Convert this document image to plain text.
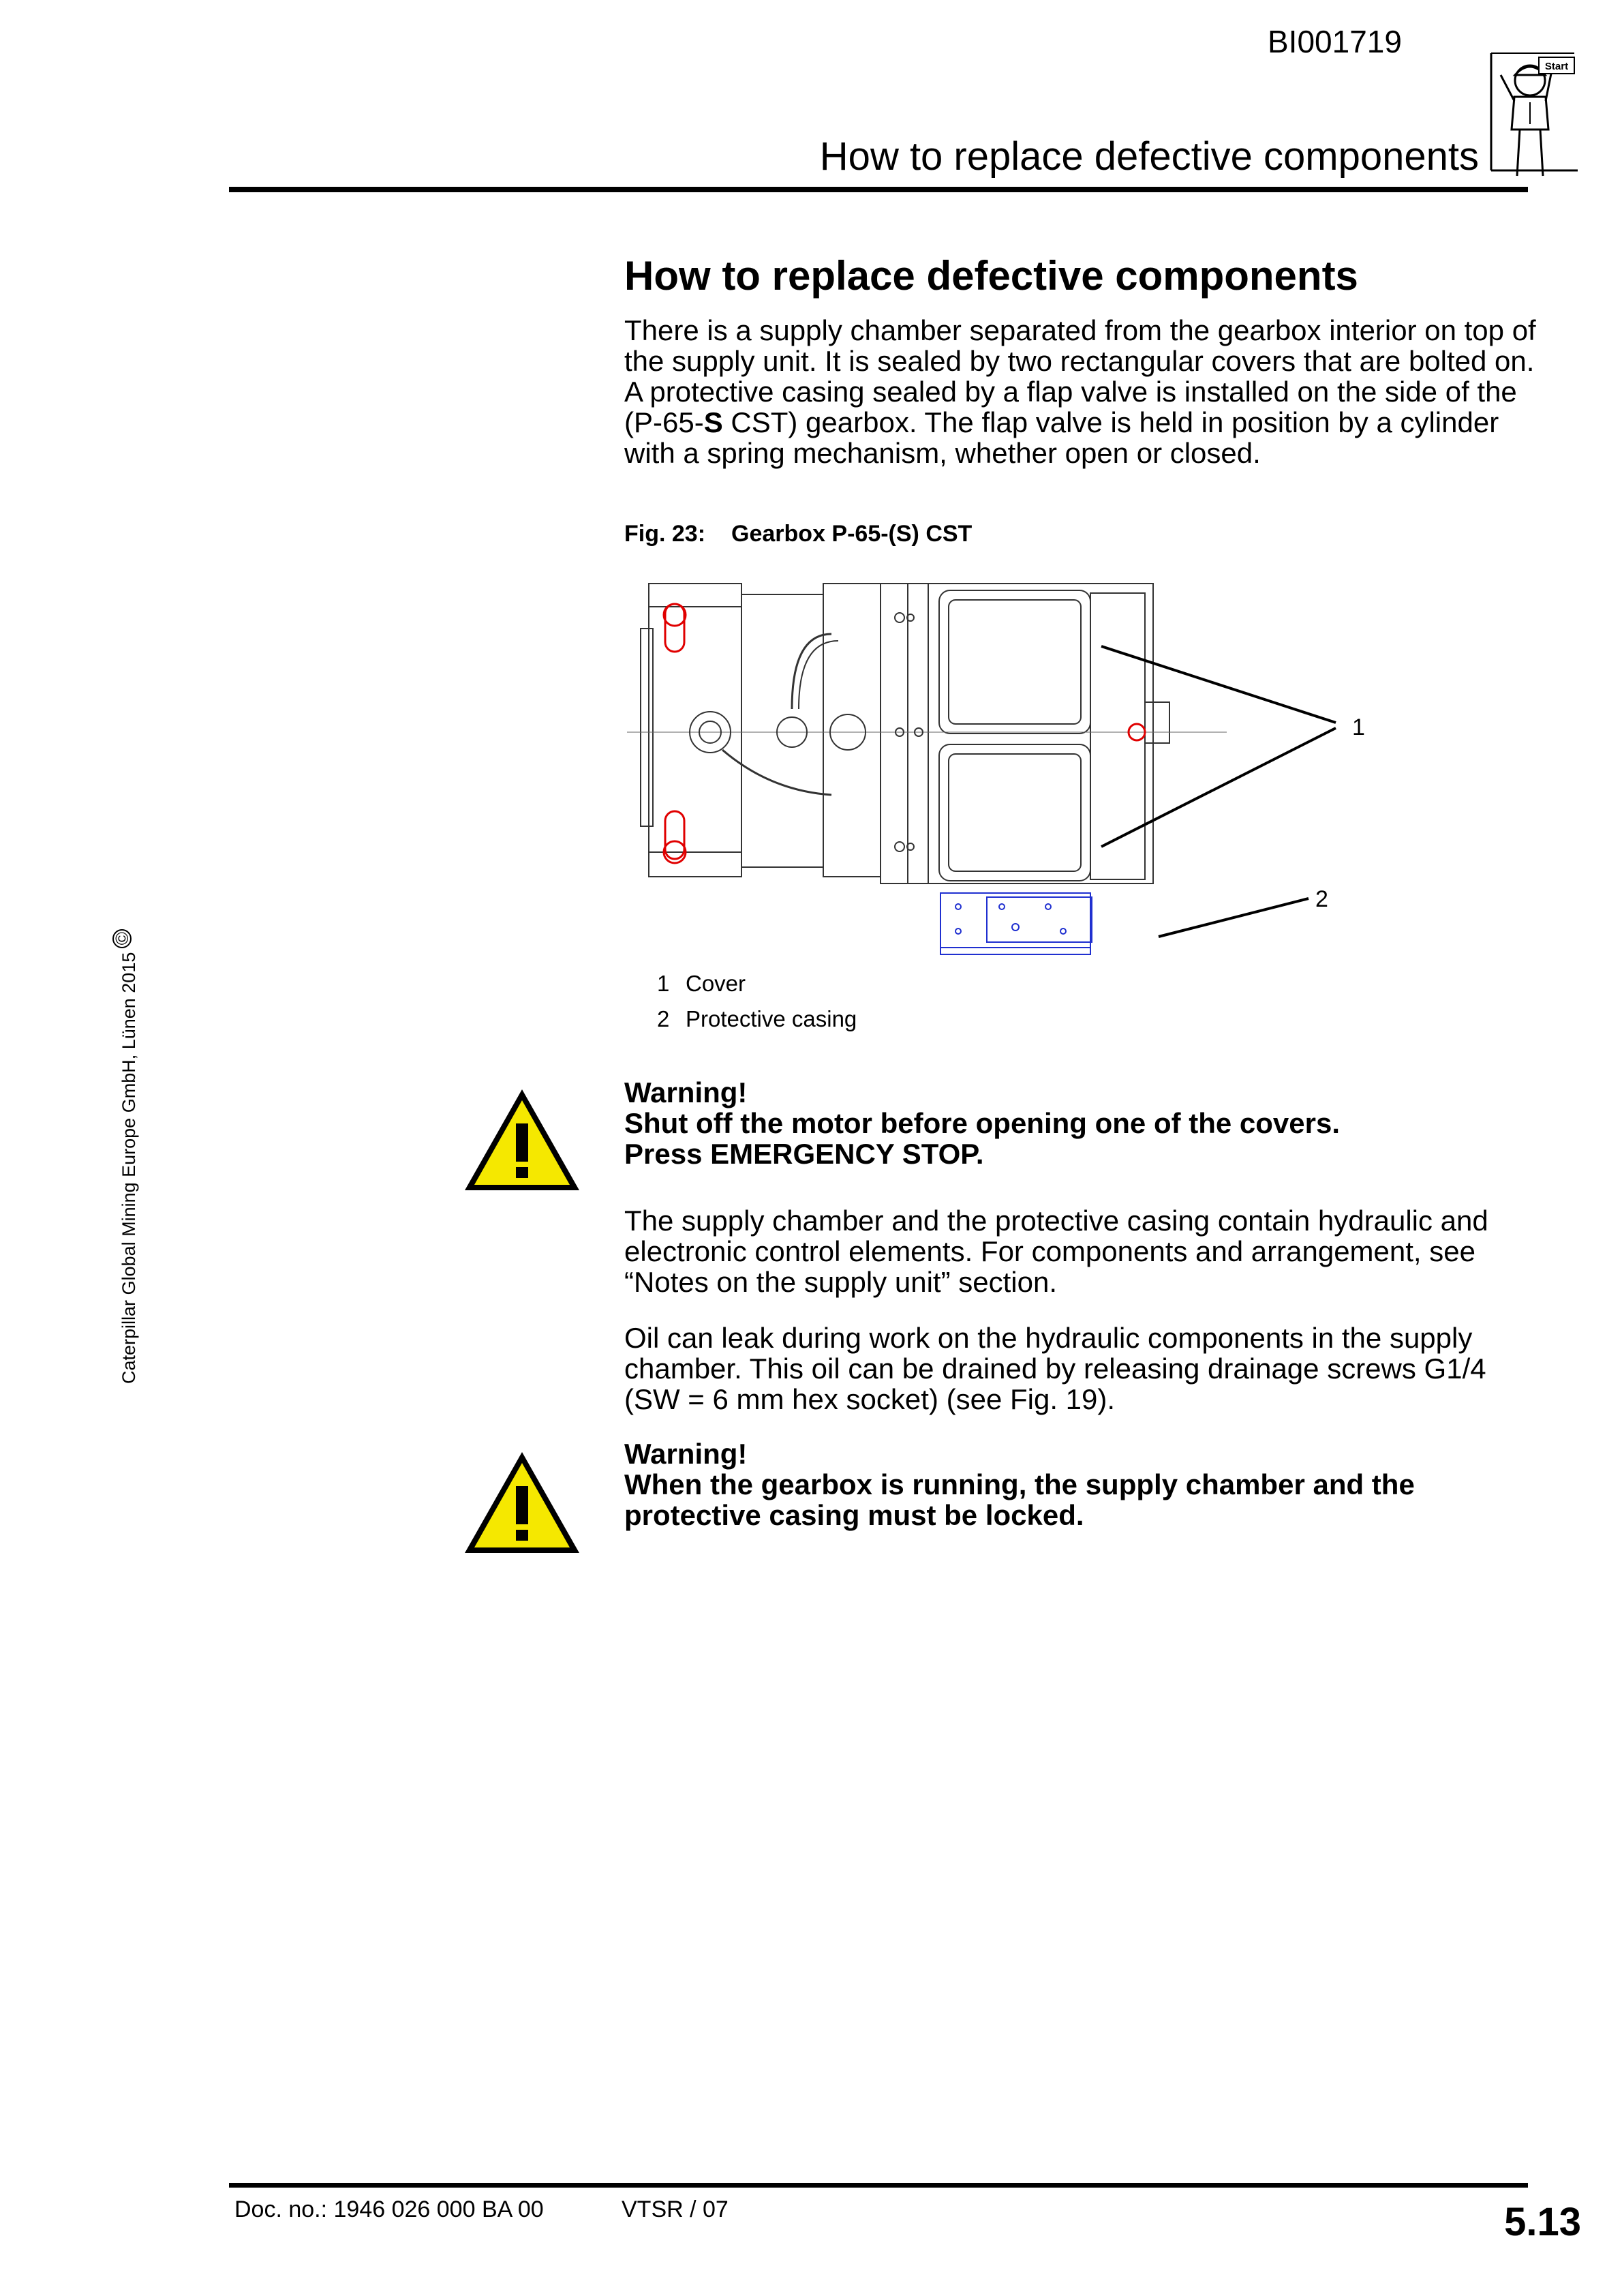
BI001719
How to replace defective components
Start
Caterpillar Global Mining Europe GmbH, Lünen 2015©
How to replace defective components
There is a supply chamber separated from the gearbox interior on top of the supply unit. It is sealed by two rectangular covers that are bolted on.
A protective casing sealed by a flap valve is installed on the side of the (P-65-S CST) gearbox. The flap valve is held in position by a cylinder with a spring mechanism, whether open or closed.
Fig. 23: Gearbox P-65-(S) CST
1
2
1 Cover
2 Protective casing
Warning!
Shut off the motor before opening one of the covers.
Press EMERGENCY STOP.
The supply chamber and the protective casing contain hydraulic and electronic control elements. For components and arrangement, see “Notes on the supply unit” section.
Oil can leak during work on the hydraulic components in the supply chamber. This oil can be drained by releasing drainage screws G1/4 (SW = 6 mm hex socket) (see Fig. 19).
Warning!
When the gearbox is running, the supply chamber and the protective casing must be locked.
Doc. no.: 1946 026 000 BA 00	VTSR / 07	5.13
